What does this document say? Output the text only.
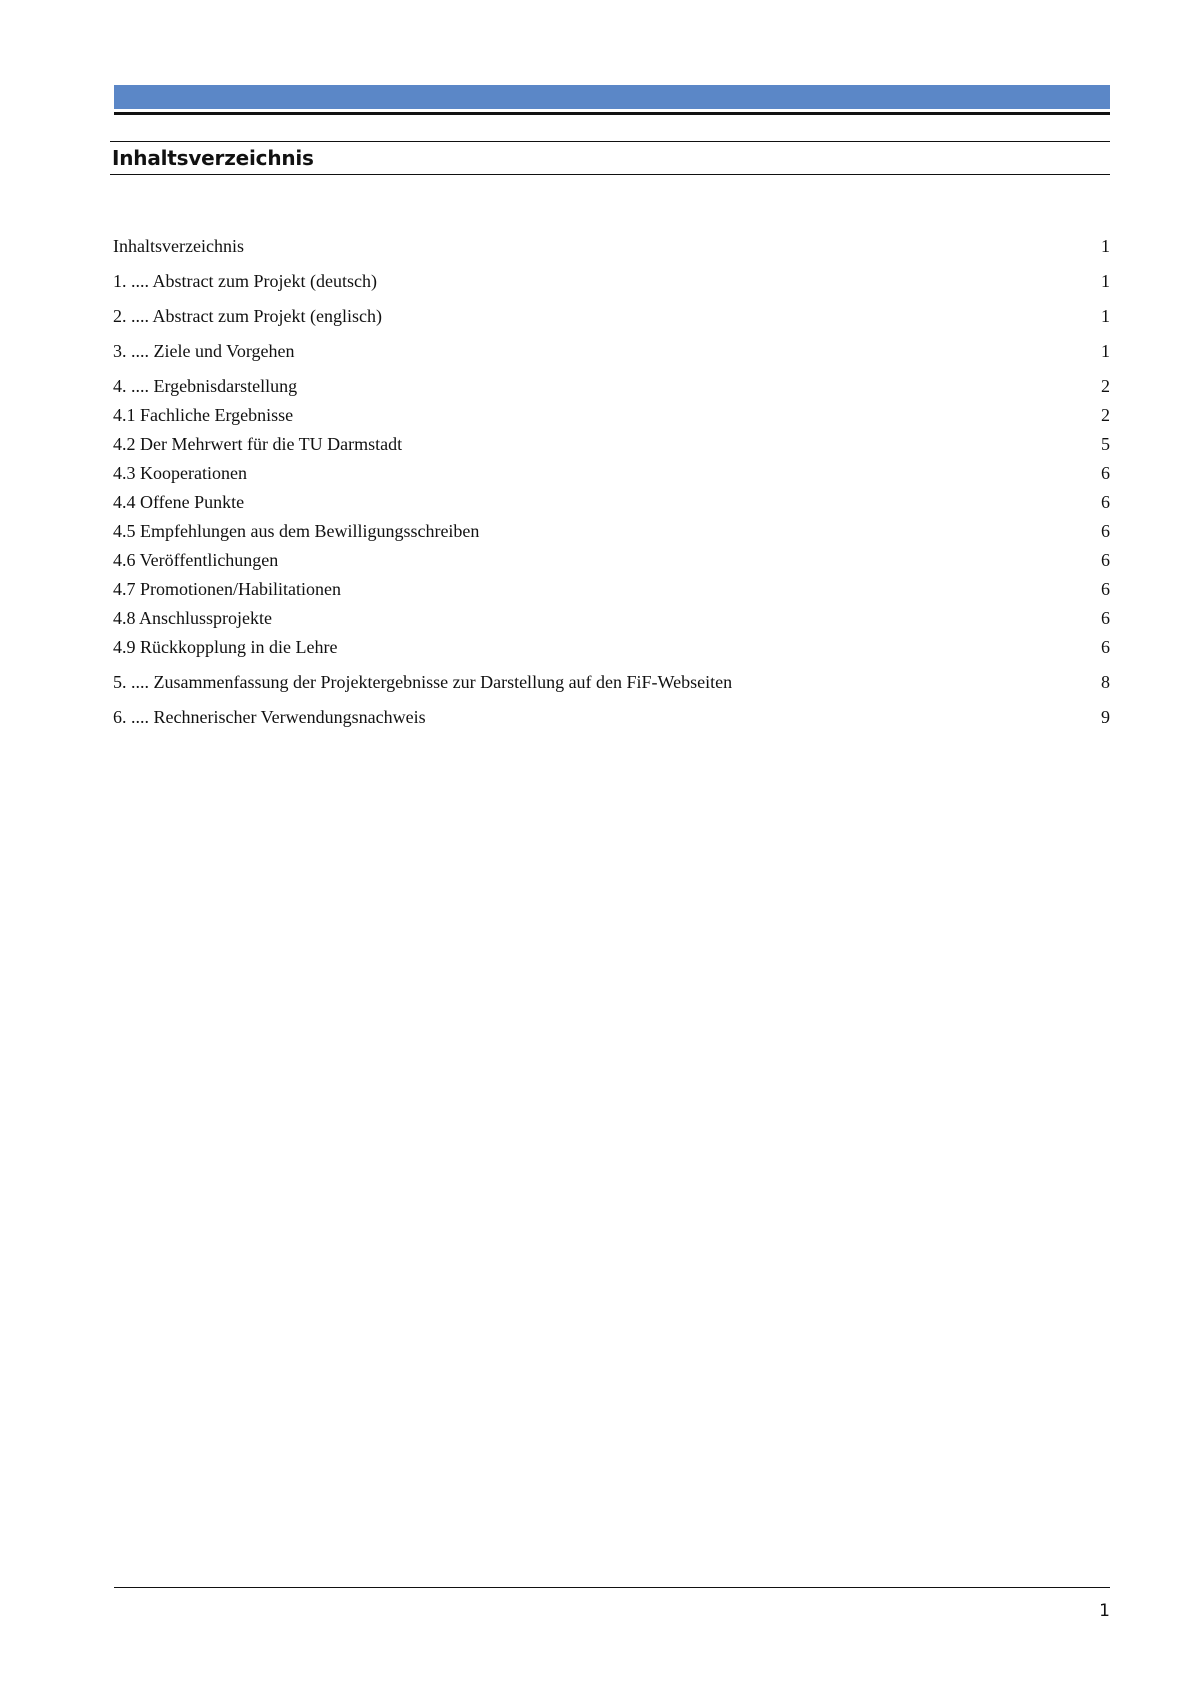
Inhaltsverzeichnis
Inhaltsverzeichnis	1
1. .... Abstract zum Projekt (deutsch)	1
2. .... Abstract zum Projekt (englisch)	1
3. .... Ziele und Vorgehen	1
4. .... Ergebnisdarstellung	2
4.1 Fachliche Ergebnisse	2
4.2 Der Mehrwert für die TU Darmstadt	5
4.3 Kooperationen	6
4.4 Offene Punkte	6
4.5 Empfehlungen aus dem Bewilligungsschreiben	6
4.6 Veröffentlichungen	6
4.7 Promotionen/Habilitationen	6
4.8 Anschlussprojekte	6
4.9 Rückkopplung in die Lehre	6
5. .... Zusammenfassung der Projektergebnisse zur Darstellung auf den FiF-Webseiten	8
6. .... Rechnerischer Verwendungsnachweis	9
1
